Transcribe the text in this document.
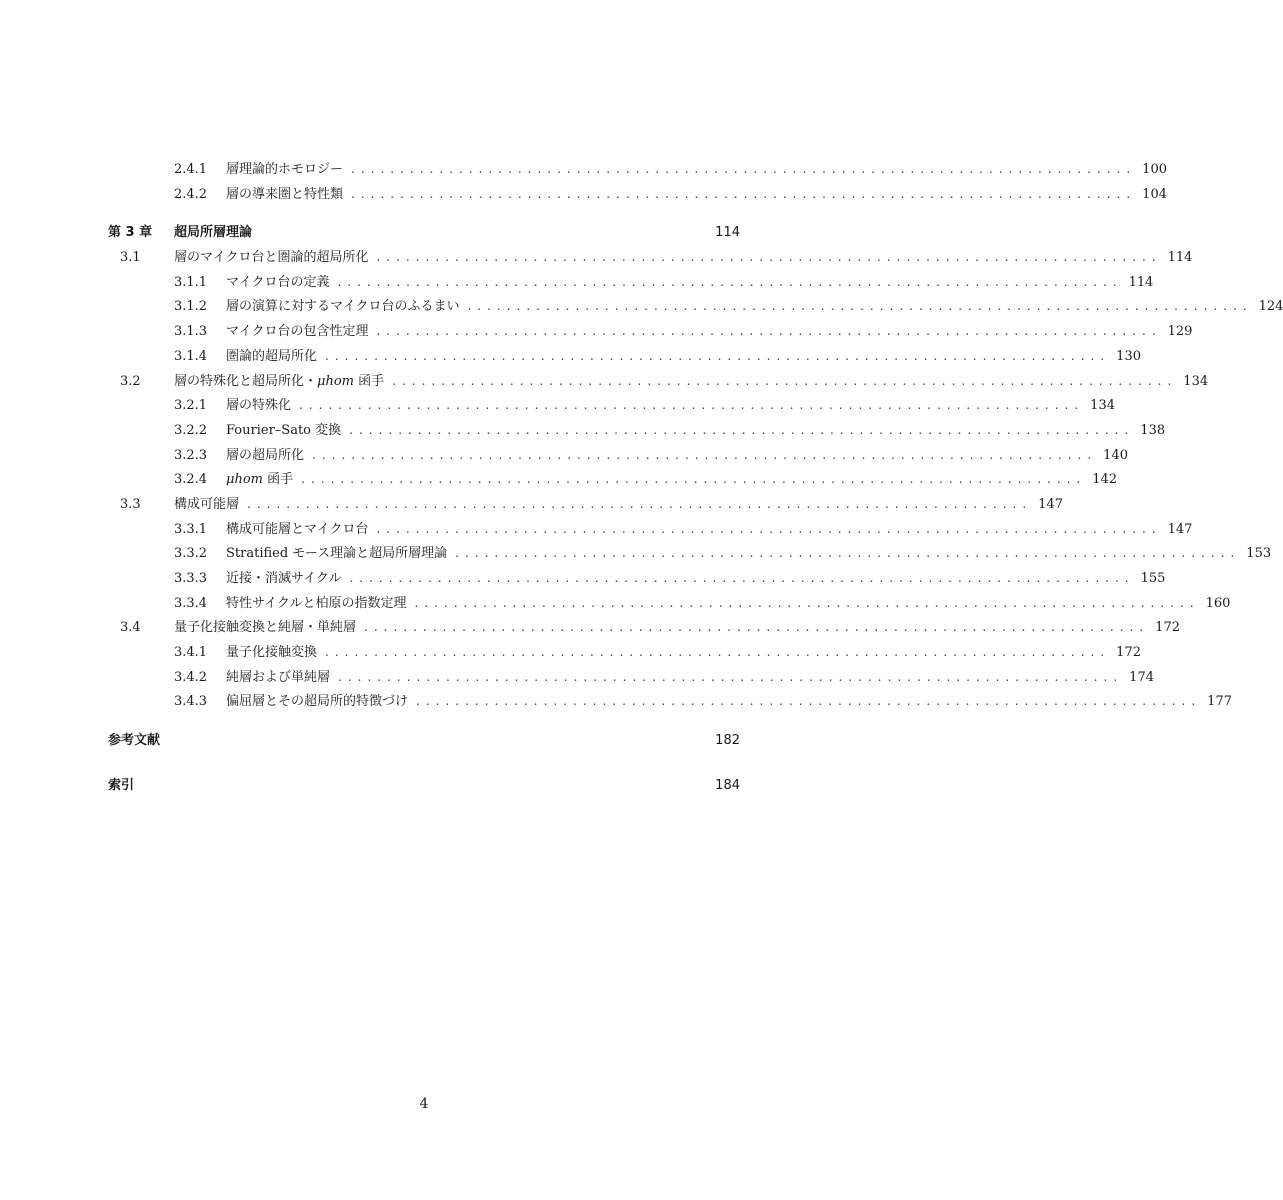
2.4.1	層理論的ホモロジー ................................................................................ 100
2.4.2	層の導来圏と特性類 ................................................................................ 104
第 3 章	超局所層理論	114
3.1	層のマイクロ台と圏論的超局所化 ................................................................................ 114
3.1.1	マイクロ台の定義 ................................................................................ 114
3.1.2	層の演算に対するマイクロ台のふるまい ................................................................................ 124
3.1.3	マイクロ台の包含性定理 ................................................................................ 129
3.1.4	圏論的超局所化 ................................................................................ 130
3.2	層の特殊化と超局所化・μhom 函手 ................................................................................ 134
3.2.1	層の特殊化 ................................................................................ 134
3.2.2	Fourier–Sato 変換 ................................................................................ 138
3.2.3	層の超局所化 ................................................................................ 140
3.2.4	μhom 函手 ................................................................................ 142
3.3	構成可能層 ................................................................................ 147
3.3.1	構成可能層とマイクロ台 ................................................................................ 147
3.3.2	Stratified モース理論と超局所層理論 ................................................................................ 153
3.3.3	近接・消滅サイクル ................................................................................ 155
3.3.4	特性サイクルと柏原の指数定理 ................................................................................ 160
3.4	量子化接触変換と純層・単純層 ................................................................................ 172
3.4.1	量子化接触変換 ................................................................................ 172
3.4.2	純層および単純層 ................................................................................ 174
3.4.3	偏屈層とその超局所的特徴づけ ................................................................................ 177
参考文献	182
索引	184
4
